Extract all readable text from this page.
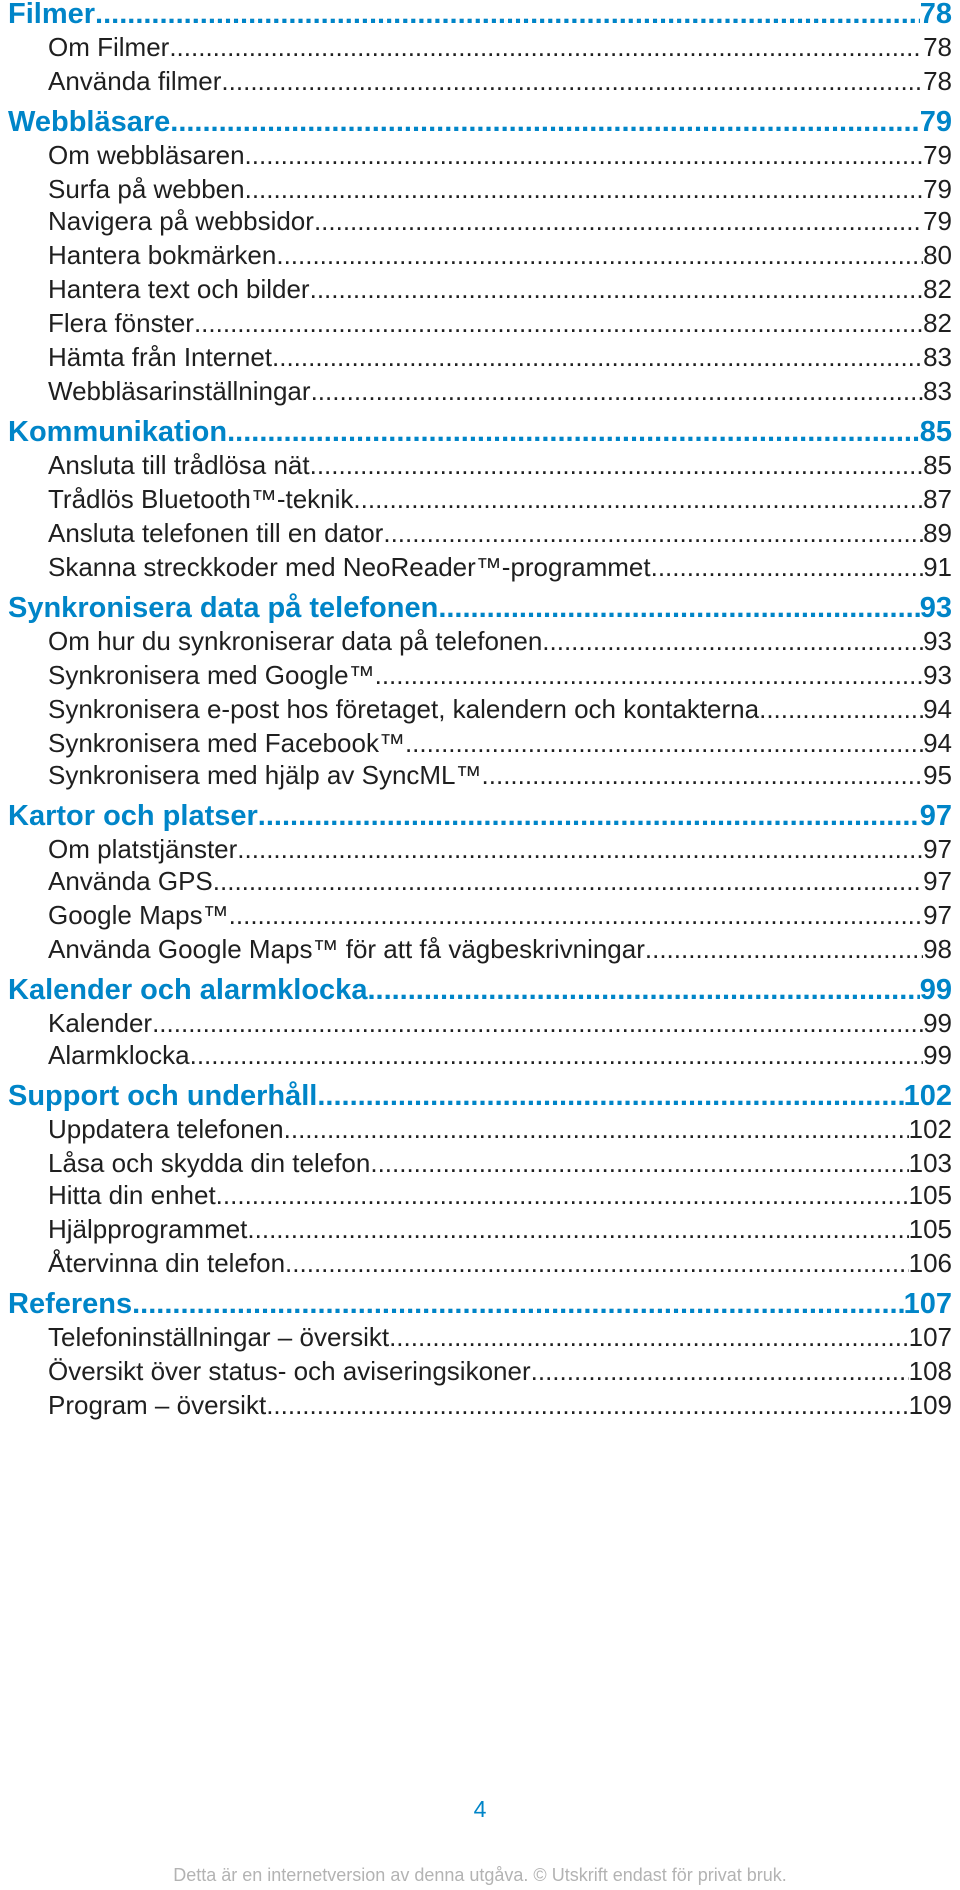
Filmer .....	78
Om Filmer .....	78
Använda filmer .....	78
Webbläsare .....	79
Om webbläsaren .....	79
Surfa på webben .....	79
Navigera på webbsidor .....	79
Hantera bokmärken .....	80
Hantera text och bilder .....	82
Flera fönster .....	82
Hämta från Internet .....	83
Webbläsarinställningar .....	83
Kommunikation .....	85
Ansluta till trådlösa nät .....	85
Trådlös Bluetooth™-teknik .....	87
Ansluta telefonen till en dator .....	89
Skanna streckkoder med NeoReader™-programmet .....	91
Synkronisera data på telefonen .....	93
Om hur du synkroniserar data på telefonen .....	93
Synkronisera med Google™ .....	93
Synkronisera e-post hos företaget, kalendern och kontakterna .....	94
Synkronisera med Facebook™ .....	94
Synkronisera med hjälp av SyncML™ .....	95
Kartor och platser .....	97
Om platstjänster .....	97
Använda GPS .....	97
Google Maps™ .....	97
Använda Google Maps™ för att få vägbeskrivningar .....	98
Kalender och alarmklocka .....	99
Kalender .....	99
Alarmklocka .....	99
Support och underhåll .....	102
Uppdatera telefonen .....	102
Låsa och skydda din telefon .....	103
Hitta din enhet .....	105
Hjälpprogrammet .....	105
Återvinna din telefon .....	106
Referens .....	107
Telefoninställningar – översikt .....	107
Översikt över status- och aviseringsikoner .....	108
Program – översikt .....	109
4
Detta är en internetversion av denna utgåva. © Utskrift endast för privat bruk.
